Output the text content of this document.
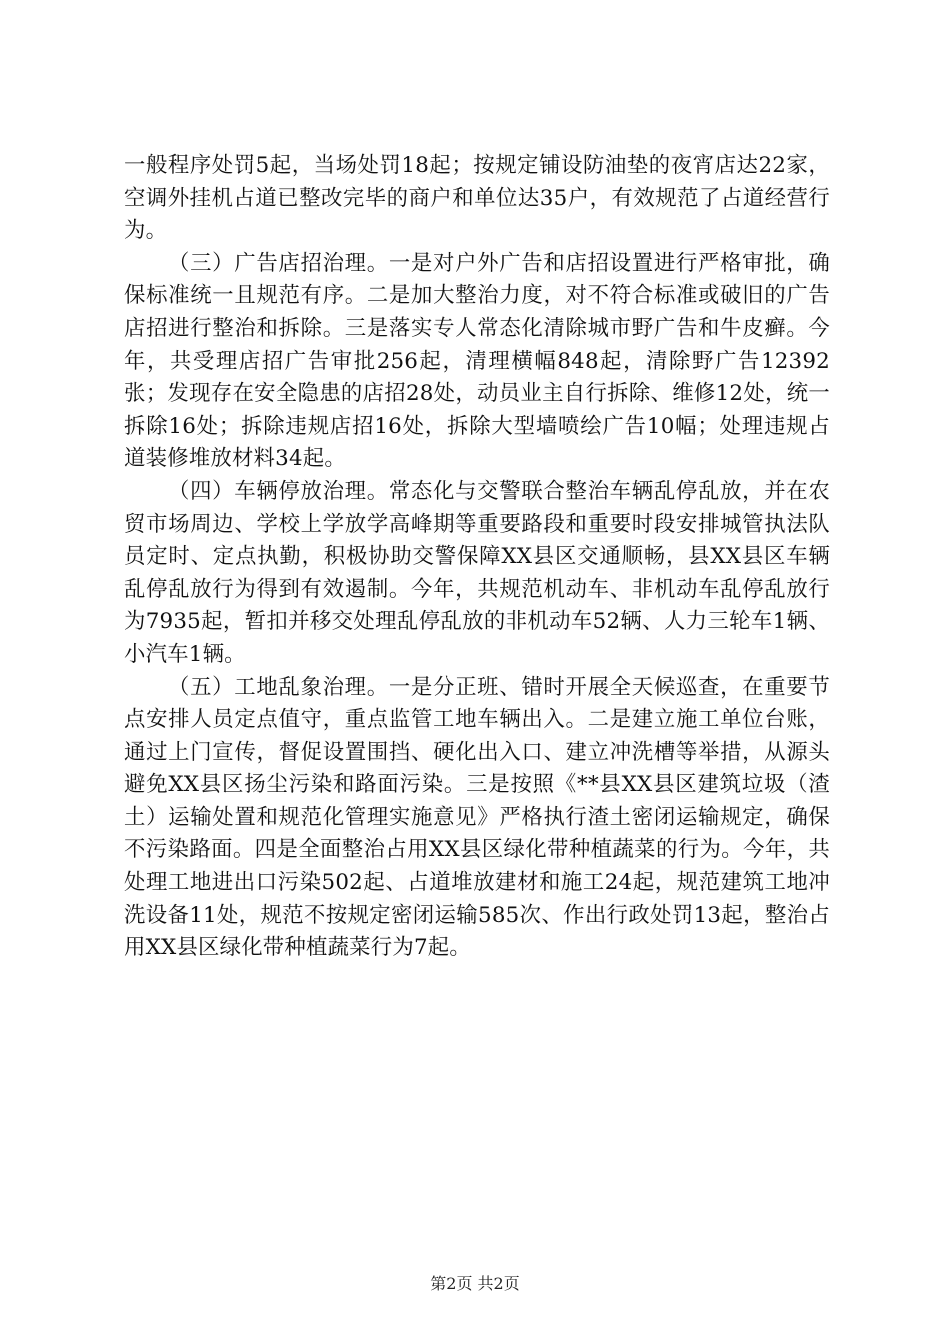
一般程序处罚5起，当场处罚18起；按规定铺设防油垫的夜宵店达22家，空调外挂机占道已整改完毕的商户和单位达35户，有效规范了占道经营行为。

（三）广告店招治理。一是对户外广告和店招设置进行严格审批，确保标准统一且规范有序。二是加大整治力度，对不符合标准或破旧的广告店招进行整治和拆除。三是落实专人常态化清除城市野广告和牛皮癣。今年，共受理店招广告审批256起，清理横幅848起，清除野广告12392张；发现存在安全隐患的店招28处，动员业主自行拆除、维修12处，统一拆除16处；拆除违规店招16处，拆除大型墙喷绘广告10幅；处理违规占道装修堆放材料34起。

（四）车辆停放治理。常态化与交警联合整治车辆乱停乱放，并在农贸市场周边、学校上学放学高峰期等重要路段和重要时段安排城管执法队员定时、定点执勤，积极协助交警保障XX县区交通顺畅，县XX县区车辆乱停乱放行为得到有效遏制。今年，共规范机动车、非机动车乱停乱放行为7935起，暂扣并移交处理乱停乱放的非机动车52辆、人力三轮车1辆、小汽车1辆。

（五）工地乱象治理。一是分正班、错时开展全天候巡查，在重要节点安排人员定点值守，重点监管工地车辆出入。二是建立施工单位台账，通过上门宣传，督促设置围挡、硬化出入口、建立冲洗槽等举措，从源头避免XX县区扬尘污染和路面污染。三是按照《**县XX县区建筑垃圾（渣土）运输处置和规范化管理实施意见》严格执行渣土密闭运输规定，确保不污染路面。四是全面整治占用XX县区绿化带种植蔬菜的行为。今年，共处理工地进出口污染502起、占道堆放建材和施工24起，规范建筑工地冲洗设备11处，规范不按规定密闭运输585次、作出行政处罚13起，整治占用XX县区绿化带种植蔬菜行为7起。

第2页 共2页
